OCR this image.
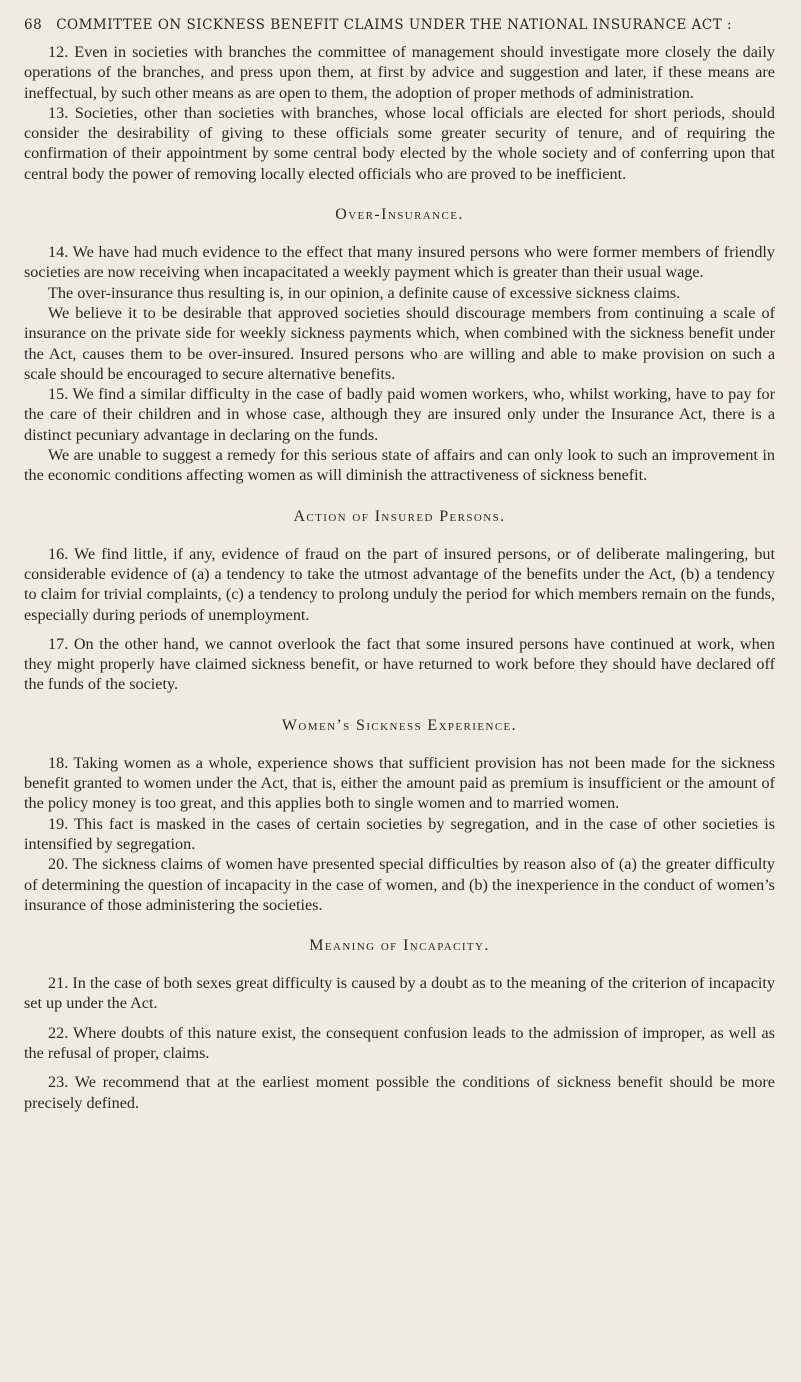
68 COMMITTEE ON SICKNESS BENEFIT CLAIMS UNDER THE NATIONAL INSURANCE ACT :

12. Even in societies with branches the committee of management should investigate more closely the daily operations of the branches, and press upon them, at first by advice and suggestion and later, if these means are ineffectual, by such other means as are open to them, the adoption of proper methods of administration.

13. Societies, other than societies with branches, whose local officials are elected for short periods, should consider the desirability of giving to these officials some greater security of tenure, and of requiring the confirmation of their appointment by some central body elected by the whole society and of conferring upon that central body the power of removing locally elected officials who are proved to be inefficient.

Over-Insurance.

14. We have had much evidence to the effect that many insured persons who were former members of friendly societies are now receiving when incapacitated a weekly payment which is greater than their usual wage.

The over-insurance thus resulting is, in our opinion, a definite cause of excessive sickness claims.

We believe it to be desirable that approved societies should discourage members from continuing a scale of insurance on the private side for weekly sickness payments which, when combined with the sickness benefit under the Act, causes them to be over-insured. Insured persons who are willing and able to make provision on such a scale should be encouraged to secure alternative benefits.

15. We find a similar difficulty in the case of badly paid women workers, who, whilst working, have to pay for the care of their children and in whose case, although they are insured only under the Insurance Act, there is a distinct pecuniary advantage in declaring on the funds.

We are unable to suggest a remedy for this serious state of affairs and can only look to such an improvement in the economic conditions affecting women as will diminish the attractiveness of sickness benefit.

Action of Insured Persons.

16. We find little, if any, evidence of fraud on the part of insured persons, or of deliberate malingering, but considerable evidence of (a) a tendency to take the utmost advantage of the benefits under the Act, (b) a tendency to claim for trivial complaints, (c) a tendency to prolong unduly the period for which members remain on the funds, especially during periods of unemployment.

17. On the other hand, we cannot overlook the fact that some insured persons have continued at work, when they might properly have claimed sickness benefit, or have returned to work before they should have declared off the funds of the society.

Women’s Sickness Experience.

18. Taking women as a whole, experience shows that sufficient provision has not been made for the sickness benefit granted to women under the Act, that is, either the amount paid as premium is insufficient or the amount of the policy money is too great, and this applies both to single women and to married women.

19. This fact is masked in the cases of certain societies by segregation, and in the case of other societies is intensified by segregation.

20. The sickness claims of women have presented special difficulties by reason also of (a) the greater difficulty of determining the question of incapacity in the case of women, and (b) the inexperience in the conduct of women’s insurance of those administering the societies.

Meaning of Incapacity.

21. In the case of both sexes great difficulty is caused by a doubt as to the meaning of the criterion of incapacity set up under the Act.

22. Where doubts of this nature exist, the consequent confusion leads to the admission of improper, as well as the refusal of proper, claims.

23. We recommend that at the earliest moment possible the conditions of sickness benefit should be more precisely defined.
